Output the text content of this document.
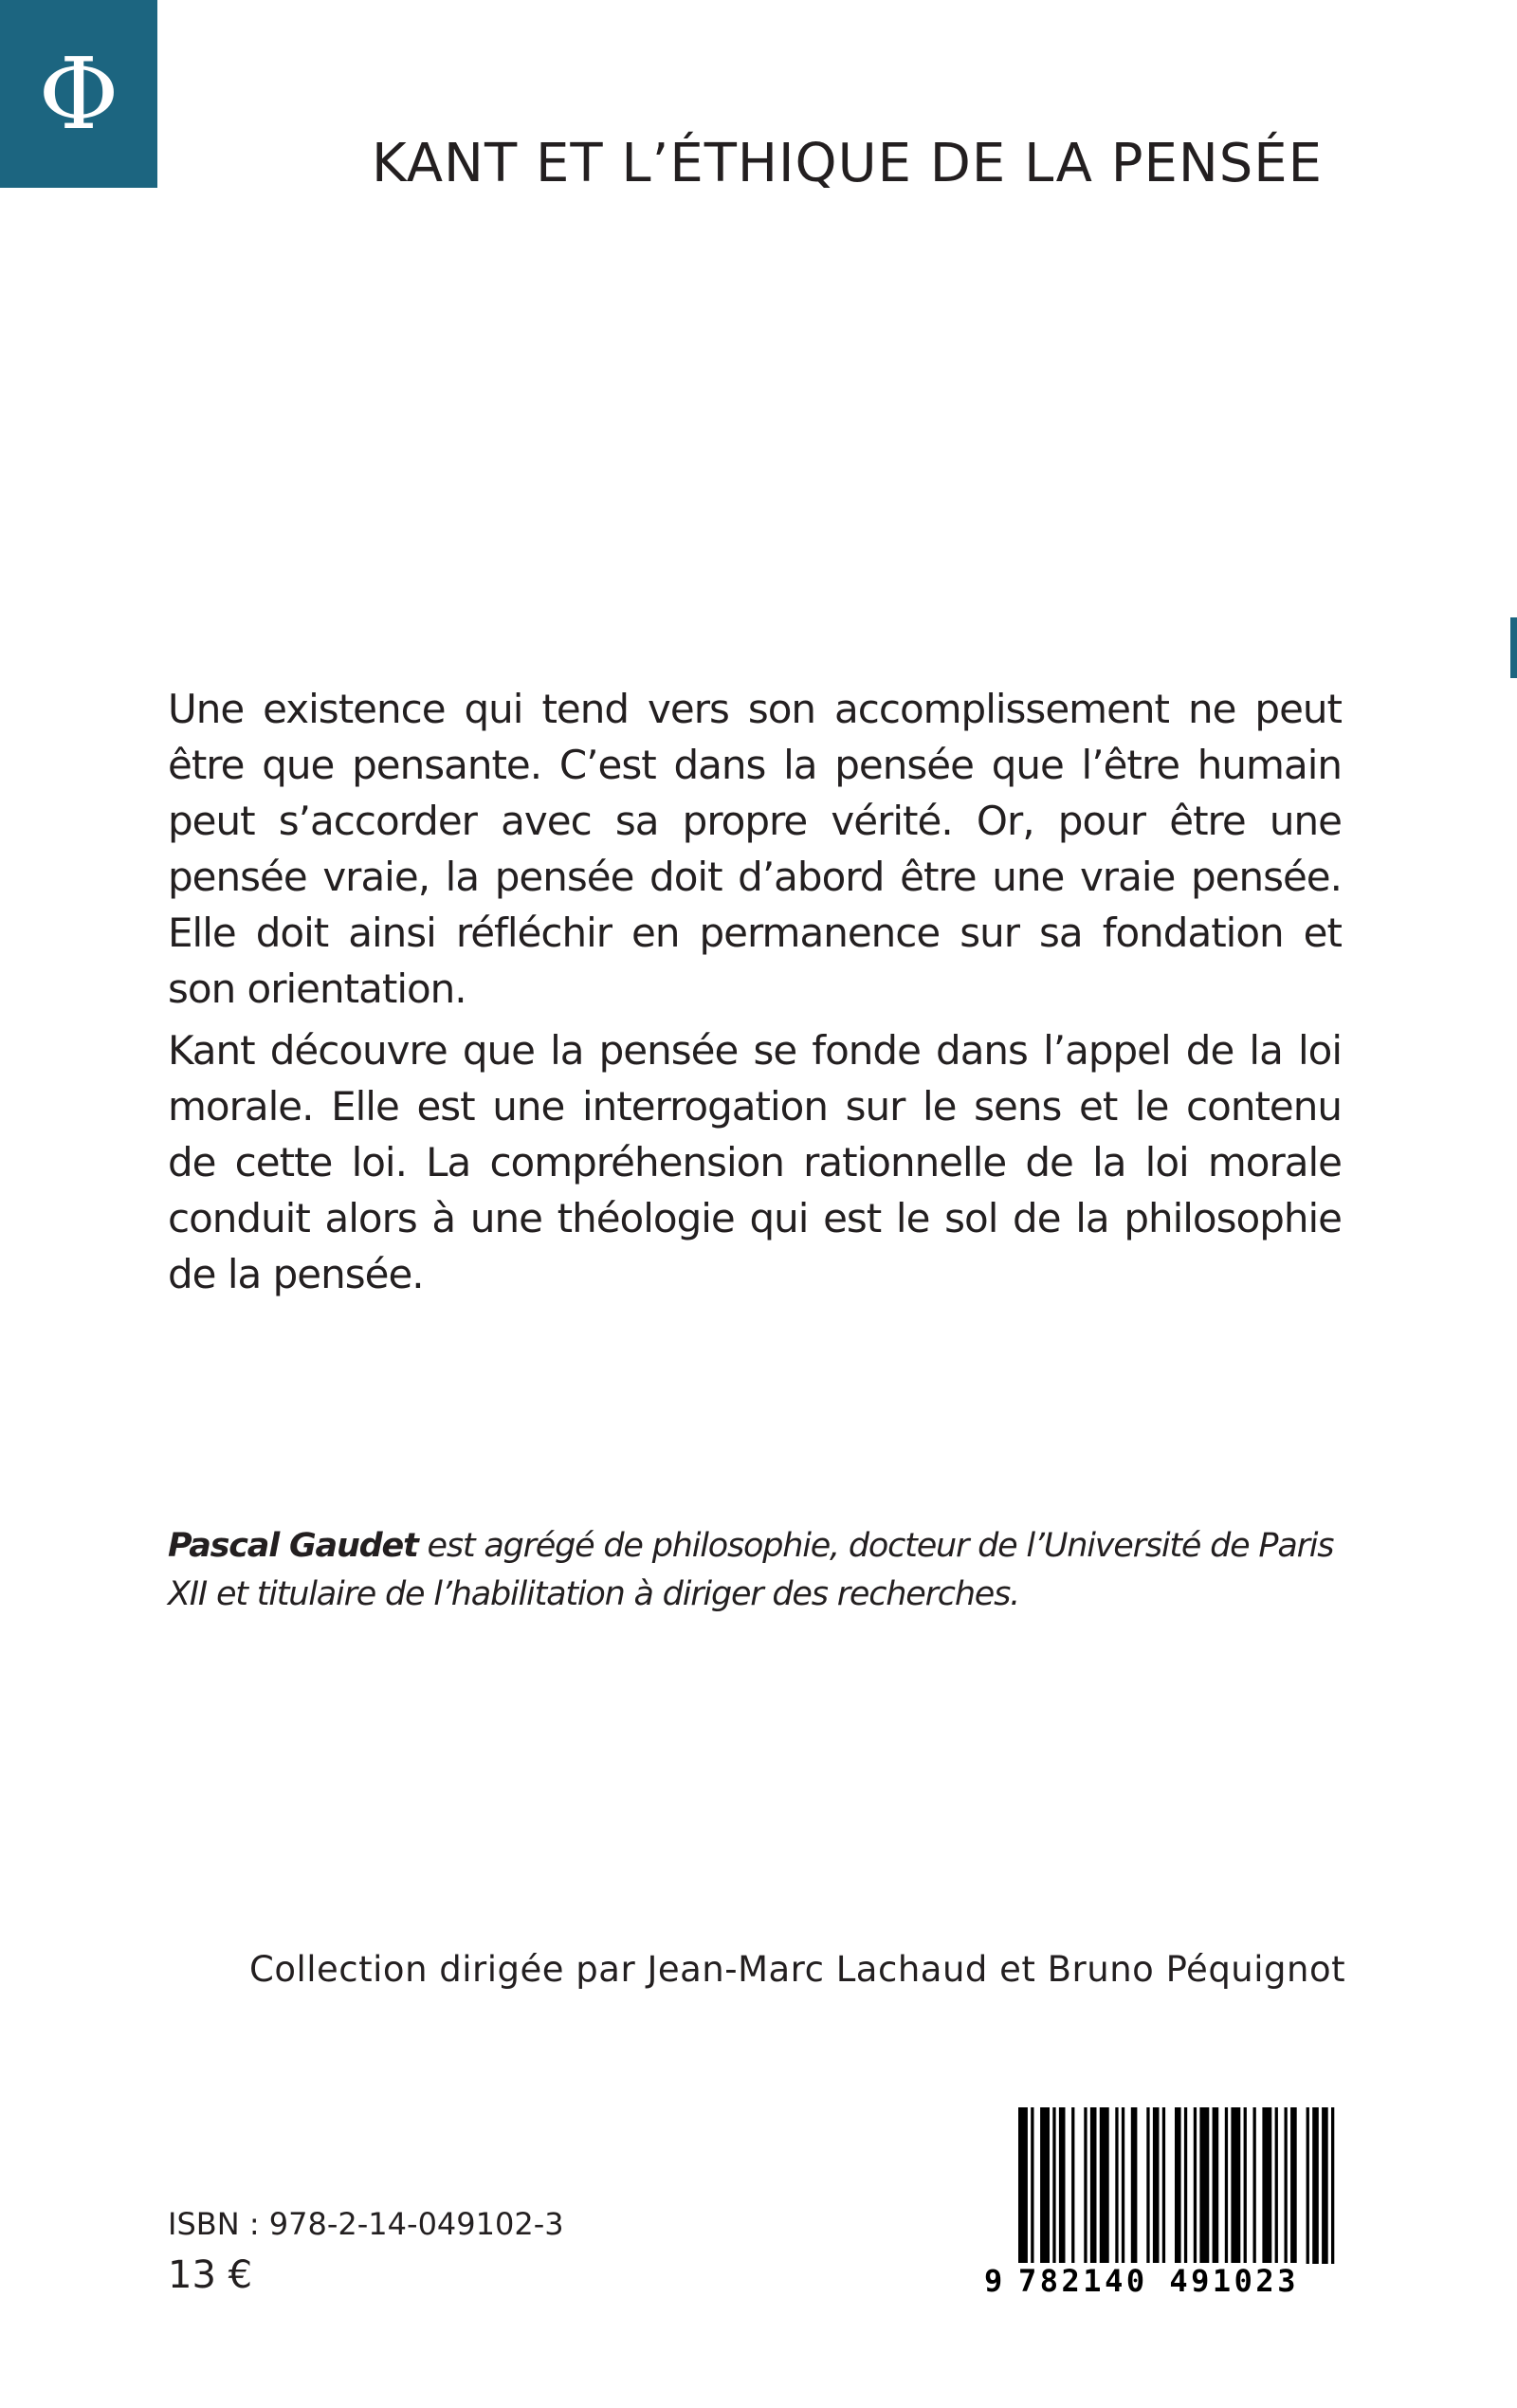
Φ
KANT ET L’ÉTHIQUE DE LA PENSÉE
Une existence qui tend vers son accomplissement ne peut être que pensante. C’est dans la pensée que l’être humain peut s’accorder avec sa propre vérité. Or, pour être une pensée vraie, la pensée doit d’abord être une vraie pensée. Elle doit ainsi réfléchir en permanence sur sa fondation et son orientation.
Kant découvre que la pensée se fonde dans l’appel de la loi morale. Elle est une interrogation sur le sens et le contenu de cette loi. La compréhension rationnelle de la loi morale conduit alors à une théologie qui est le sol de la philosophie de la pensée.
Pascal Gaudet est agrégé de philosophie, docteur de l’Université de Paris XII et titulaire de l’habilitation à diriger des recherches.
Collection dirigée par Jean-Marc Lachaud et Bruno Péquignot
ISBN : 978-2-14-049102-3
13 €	9 782140 491023
